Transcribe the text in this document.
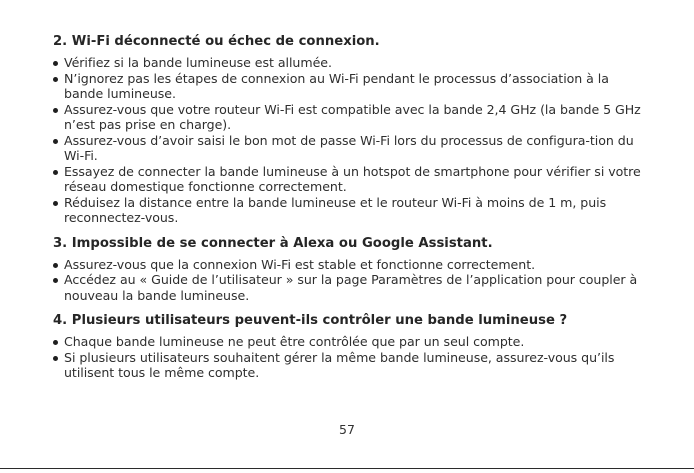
2. Wi-Fi déconnecté ou échec de connexion.
Vérifiez si la bande lumineuse est allumée.
N’ignorez pas les étapes de connexion au Wi-Fi pendant le processus d’association à la bande lumineuse.
Assurez-vous que votre routeur Wi-Fi est compatible avec la bande 2,4 GHz (la bande 5 GHz n’est pas prise en charge).
Assurez-vous d’avoir saisi le bon mot de passe Wi-Fi lors du processus de configura-tion du Wi-Fi.
Essayez de connecter la bande lumineuse à un hotspot de smartphone pour vérifier si votre réseau domestique fonctionne correctement.
Réduisez la distance entre la bande lumineuse et le routeur Wi-Fi à moins de 1 m, puis reconnectez-vous.
3. Impossible de se connecter à Alexa ou Google Assistant.
Assurez-vous que la connexion Wi-Fi est stable et fonctionne correctement.
Accédez au « Guide de l’utilisateur » sur la page Paramètres de l’application pour coupler à nouveau la bande lumineuse.
4. Plusieurs utilisateurs peuvent-ils contrôler une bande lumineuse ?
Chaque bande lumineuse ne peut être contrôlée que par un seul compte.
Si plusieurs utilisateurs souhaitent gérer la même bande lumineuse, assurez-vous qu’ils utilisent tous le même compte.
57
